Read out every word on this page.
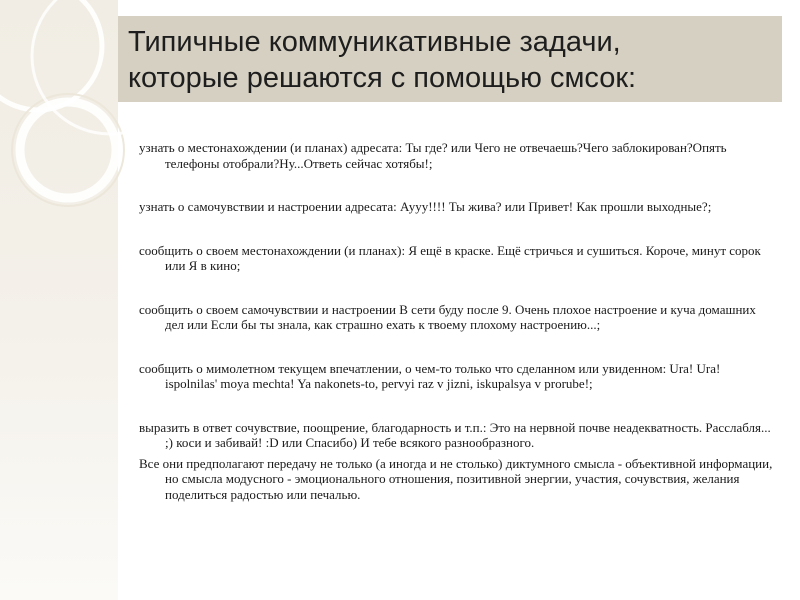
Типичные коммуникативные задачи,
которые решаются с помощью смсок:

узнать о местонахождении (и планах) адресата: Ты где? или Чего не отвечаешь?Чего заблокирован?Опять телефоны отобрали?Ну...Ответь сейчас хотябы!;

узнать о самочувствии и настроении адресата: Ауyy!!!! Ты жива? или Привет! Как прошли выходные?;

сообщить о своем местонахождении (и планах): Я ещё в краске. Ещё стричься и сушиться. Короче, минут сорок или Я в кино;

сообщить о своем самочувствии и настроении В сети буду после 9. Очень плохое настроение и куча домашних дел или Если бы ты знала, как страшно ехать к твоему плохому настроению...;

сообщить о мимолетном текущем впечатлении, о чем-то только что сделанном или увиденном: Ura! Ura! ispolnilas' moya mechta! Ya nakonets-to, pervyi raz v jizni, iskupalsya v prorube!;

выразить в ответ сочувствие, поощрение, благодарность и т.п.: Это на нервной почве неадекватность. Расслабля... ;) коси и забивай! :D или Спасибо) И тебе всякого разнообразного.

Все они предполагают передачу не только (а иногда и не столько) диктумного смысла - объективной информации, но смысла модусного - эмоционального отношения, позитивной энергии, участия, сочувствия, желания поделиться радостью или печалью.
